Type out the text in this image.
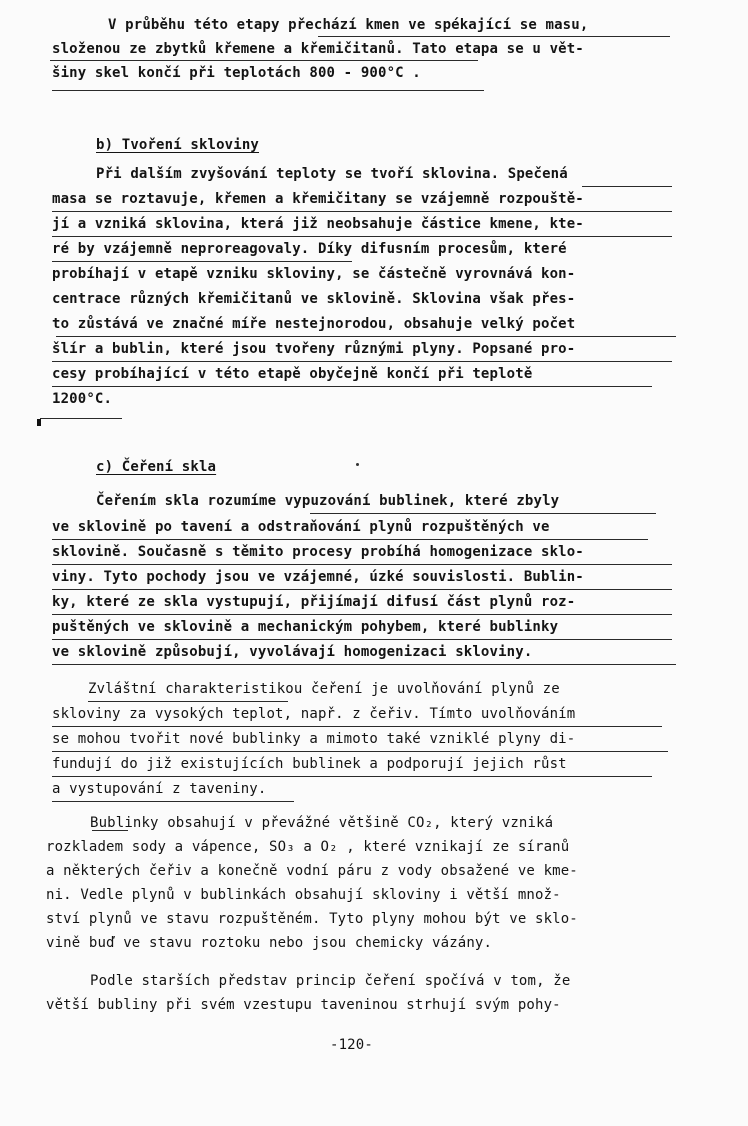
V průběhu této etapy přechází kmen ve spékající se masu,
složenou ze zbytků křemene a křemičitanů. Tato etapa se u vět-
šiny skel končí při teplotách 800 - 900°C .
b) Tvoření skloviny
Při dalším zvyšování teploty se tvoří sklovina. Spečená
masa se roztavuje, křemen a křemičitany se vzájemně rozpouště-
jí a vzniká sklovina, která již neobsahuje částice kmene, kte-
ré by vzájemně neproreagovaly. Díky difusním procesům, které
probíhají v etapě vzniku skloviny, se částečně vyrovnává kon-
centrace různých křemičitanů ve sklovině. Sklovina však přes-
to zůstává ve značné míře nestejnorodou, obsahuje velký počet
šlír a bublin, které jsou tvořeny různými plyny. Popsané pro-
cesy probíhající v této etapě obyčejně končí při teplotě
1200°C.
c) Čeření skla
Čeřením skla rozumíme vypuzování bublinek, které zbyly
ve sklovině po tavení a odstraňování plynů rozpuštěných ve
sklovině. Současně s těmito procesy probíhá homogenizace sklo-
viny. Tyto pochody jsou ve vzájemné, úzké souvislosti. Bublin-
ky, které ze skla vystupují, přijímají difusí část plynů roz-
puštěných ve sklovině a mechanickým pohybem, které bublinky
ve sklovině způsobují, vyvolávají homogenizaci skloviny.
Zvláštní charakteristikou čeření je uvolňování plynů ze
skloviny za vysokých teplot, např. z čeřiv. Tímto uvolňováním
se mohou tvořit nové bublinky a mimoto také vzniklé plyny di-
fundují do již existujících bublinek a podporují jejich růst
a vystupování z taveniny.
Bublinky obsahují v převážné většině CO₂, který vzniká
rozkladem sody a vápence, SO₃ a O₂ , které vznikají ze síranů
a některých čeřiv a konečně vodní páru z vody obsažené ve kme-
ni. Vedle plynů v bublinkách obsahují skloviny i větší množ-
ství plynů ve stavu rozpuštěném. Tyto plyny mohou být ve sklo-
vině buď ve stavu roztoku nebo jsou chemicky vázány.
Podle starších představ princip čeření spočívá v tom, že
větší bubliny při svém vzestupu taveninou strhují svým pohy-
-120-
